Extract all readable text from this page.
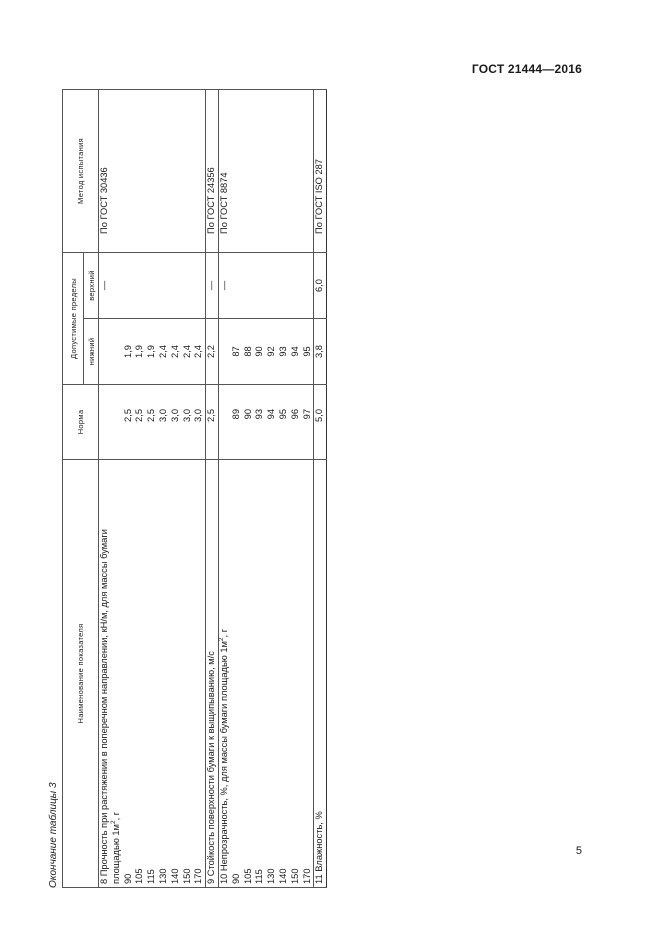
ГОСТ 21444—2016
Окончание таблицы 3
Наименование показателя	Норма	Допустимые пределы		Метод испытания
		нижний	верхний	
8 Прочность при растяжении в поперечном направлении, кН/м, для массы бумаги			—	По ГОСТ 30436
площадью $1м^2$, г				
90	2,5	1,9		
105	2,5	1,9		
115	2,5	1,9		
130	3,0	2,4		
140	3,0	2,4		
150	3,0	2,4		
170	3,0	2,4		
9 Стойкость поверхности бумаги к выщипыванию, м/с	2,5	2,2	—	По ГОСТ 24356
10 Непрозрачность, %, для массы бумаги площадью $1м^2$, г			—	По ГОСТ 8874
90	89	87		
105	90	88		
115	93	90		
130	94	92		
140	95	93		
150	96	94		
170	97	95		
11 Влажность, %	5,0	3,8	6,0	По ГОСТ ISO 287
5
